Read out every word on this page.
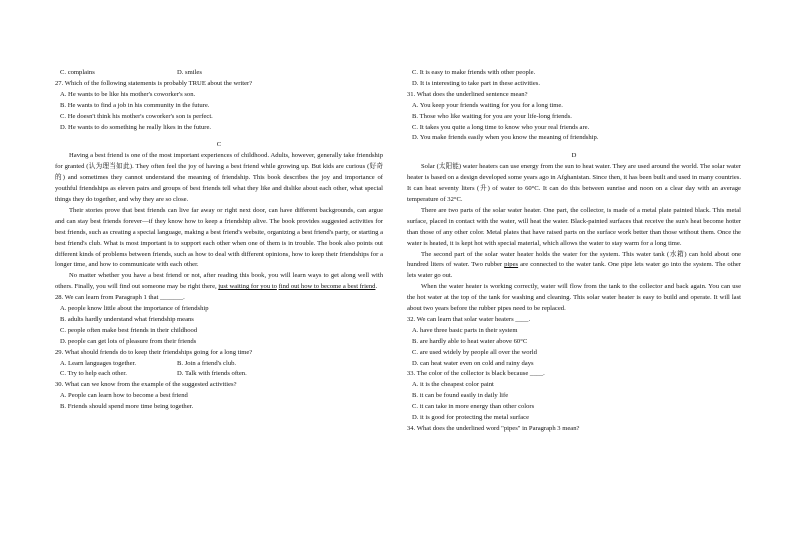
C. complains	D. smiles
27. Which of the following statements is probably TRUE about the writer?
A. He wants to be like his mother's coworker's son.
B. He wants to find a job in his community in the future.
C. He doesn't think his mother's coworker's son is perfect.
D. He wants to do something he really likes in the future.
C
Having a best friend is one of the most important experiences of childhood. Adults, however, generally take friendship for granted (认为理当如此). They often feel the joy of having a best friend while growing up. But kids are curious (好奇的) and sometimes they cannot understand the meaning of friendship. This book describes the joy and importance of youthful friendships as eleven pairs and groups of best friends tell what they like and dislike about each other, what special things they do together, and why they are so close.
Their stories prove that best friends can live far away or right next door, can have different backgrounds, can argue and can stay best friends forever—if they know how to keep a friendship alive. The book provides suggested activities for best friends, such as creating a special language, making a best friend's website, organizing a best friend's party, or starting a best friend's club. What is most important is to support each other when one of them is in trouble. The book also points out different kinds of problems between friends, such as how to deal with different opinions, how to keep their friendships for a longer time, and how to communicate with each other.
No matter whether you have a best friend or not, after reading this book, you will learn ways to get along well with others. Finally, you will find out someone may be right there, just waiting for you to find out how to become a best friend.
28. We can learn from Paragraph 1 that _______.
A. people know little about the importance of friendship
B. adults hardly understand what friendship means
C. people often make best friends in their childhood
D. people can get lots of pleasure from their friends
29. What should friends do to keep their friendships going for a long time?
A. Learn languages together.	B. Join a friend's club.
C. Try to help each other.	D. Talk with friends often.
30. What can we know from the example of the suggested activities?
A. People can learn how to become a best friend
B. Friends should spend more time being together.
C. It is easy to make friends with other people.
D. It is interesting to take part in these activities.
31. What does the underlined sentence mean?
A. You keep your friends waiting for you for a long time.
B. Those who like waiting for you are your life-long friends.
C. It takes you quite a long time to know who your real friends are.
D. You make friends easily when you know the meaning of friendship.
D
Solar (太阳能) water heaters can use energy from the sun to heat water. They are used around the world. The solar water heater is based on a design developed some years ago in Afghanistan. Since then, it has been built and used in many countries. It can heat seventy liters (升) of water to 60°C. It can do this between sunrise and noon on a clear day with an average temperature of 32°C.
There are two parts of the solar water heater. One part, the collector, is made of a metal plate painted black. This metal surface, placed in contact with the water, will heat the water. Black-painted surfaces that receive the sun's heat become hotter than those of any other color. Metal plates that have raised parts on the surface work better than those without them. Once the water is heated, it is kept hot with special material, which allows the water to stay warm for a long time.
The second part of the solar water heater holds the water for the system. This water tank (水箱) can hold about one hundred liters of water. Two rubber pipes are connected to the water tank. One pipe lets water go into the system. The other lets water go out.
When the water heater is working correctly, water will flow from the tank to the collector and back again. You can use the hot water at the top of the tank for washing and cleaning. This solar water heater is easy to build and operate. It will last about two years before the rubber pipes need to be replaced.
32. We can learn that solar water heaters ____.
A. have three basic parts in their system
B. are hardly able to heat water above 60°C
C. are used widely by people all over the world
D. can heat water even on cold and rainy days
33. The color of the collector is black because ____.
A. it is the cheapest color paint
B. it can be found easily in daily life
C. it can take in more energy than other colors
D. it is good for protecting the metal surface
34. What does the underlined word "pipes" in Paragraph 3 mean?
